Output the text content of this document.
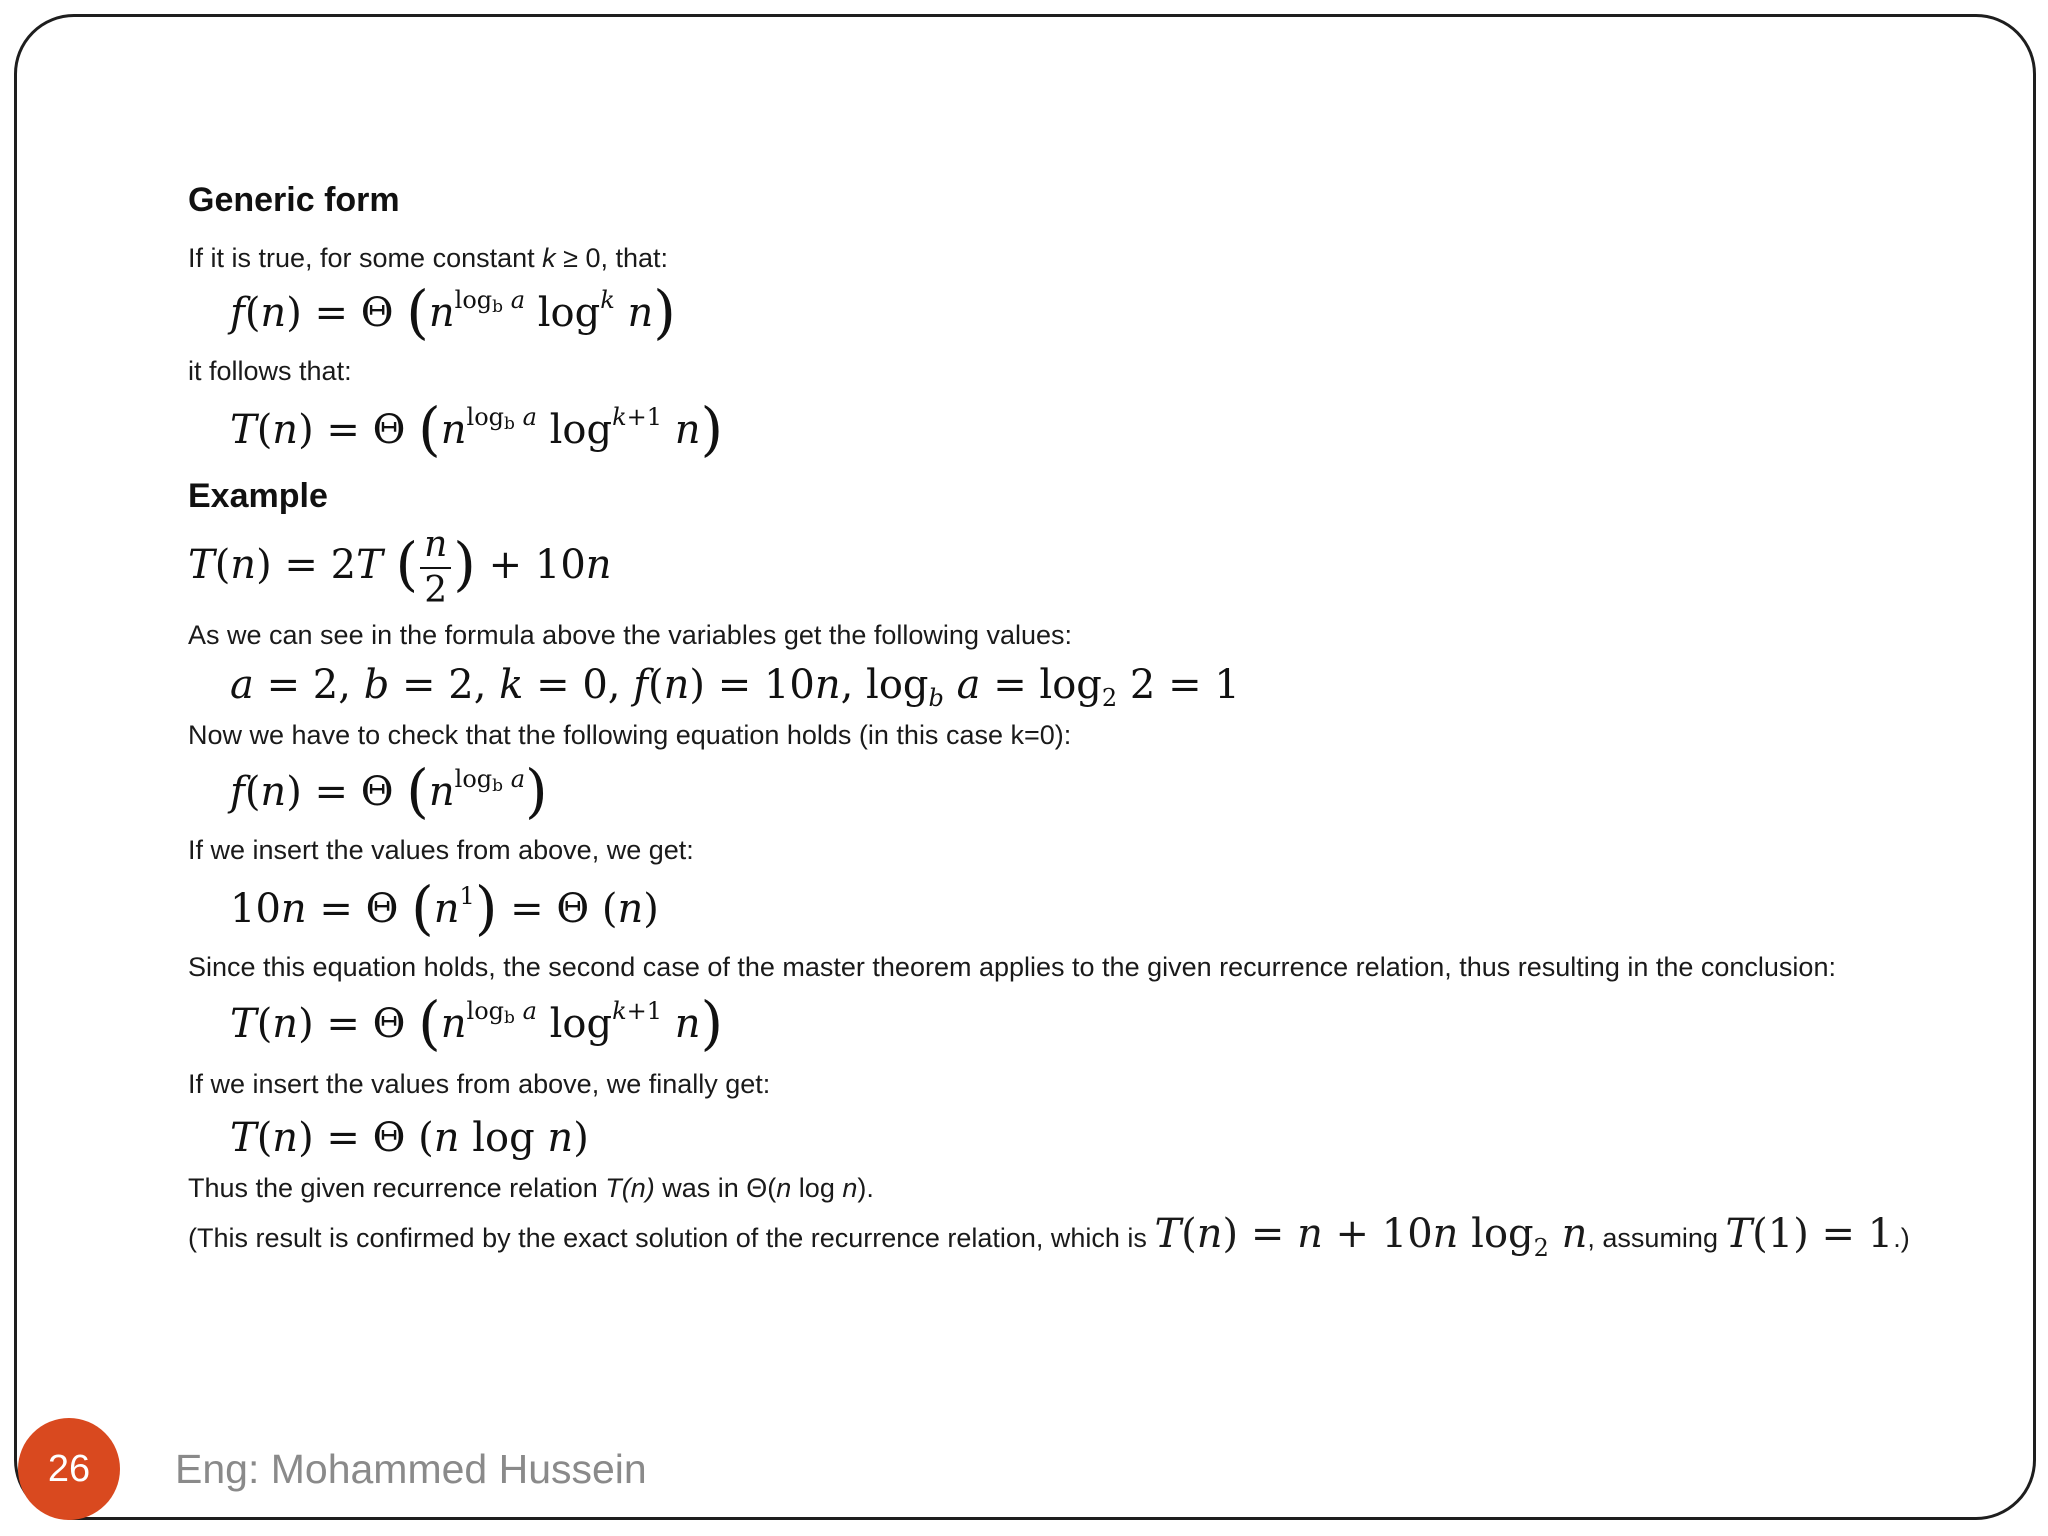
Generic form
If it is true, for some constant k ≥ 0, that:
f(n) = Θ ($n^{log_b a}$ $\log^k n$)
it follows that:
T(n) = Θ ($n^{log_b a}$ $\log^{k+1} n$)
Example
T(n) = 2T ( $\frac{n}{2}$ ) + 10n
As we can see in the formula above the variables get the following values:
a = 2, b = 2, k = 0, f(n) = 10n, $\log_b a = \log_2 2 = 1$
Now we have to check that the following equation holds (in this case k=0):
f(n) = Θ $(n^{log_b a})$
If we insert the values from above, we get:
10n = Θ $(n^1) = \Theta$ (n)
Since this equation holds, the second case of the master theorem applies to the given recurrence relation, thus resulting in the conclusion:
T(n) = Θ ($n^{log_b a}$ $\log^{k+1} n$)
If we insert the values from above, we finally get:
T(n) = Θ (n log n)
Thus the given recurrence relation T(n) was in Θ(n log n).
(This result is confirmed by the exact solution of the recurrence relation, which is T(n) = n + 10n $\log_2 n$, assuming T(1) = 1.)
26	Eng: Mohammed Hussein
